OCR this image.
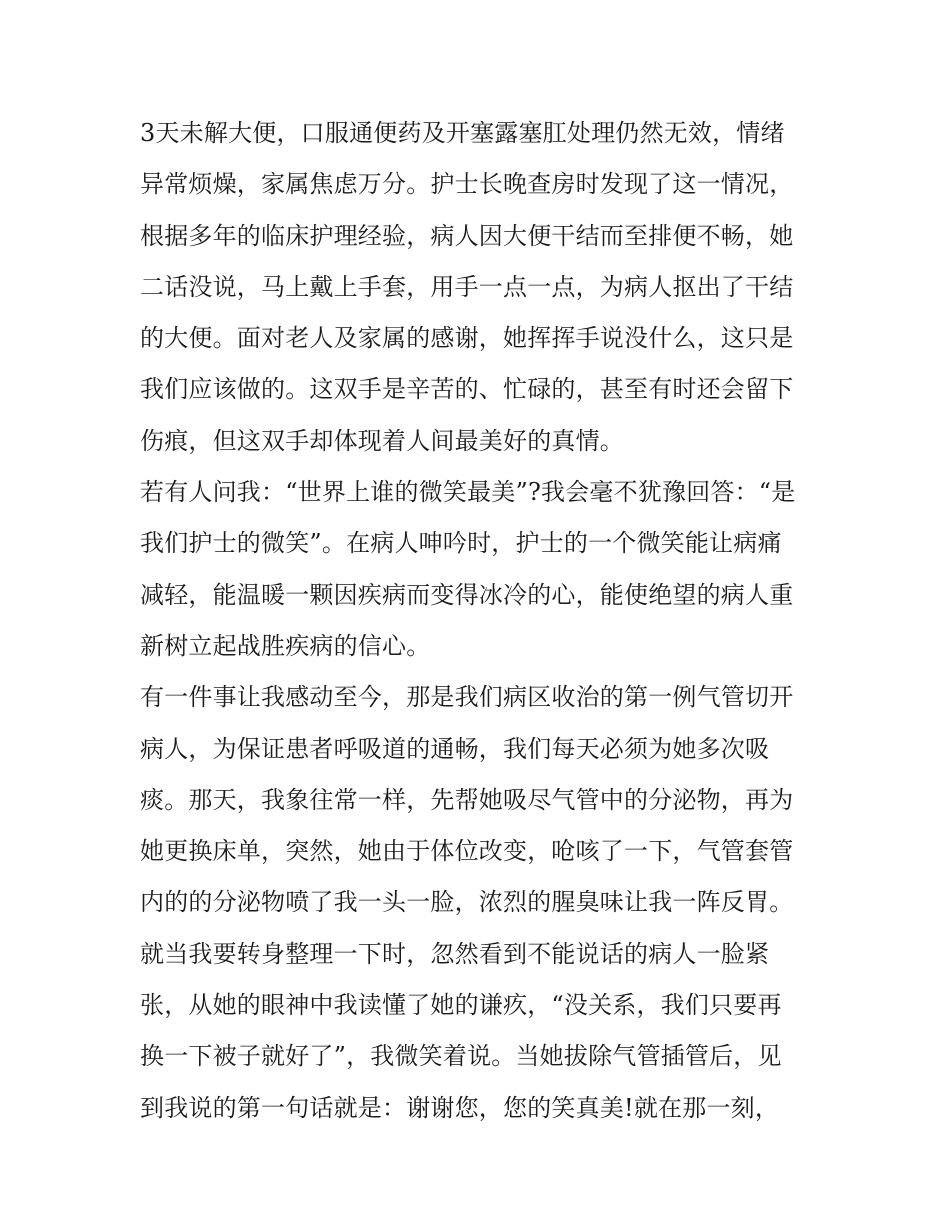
3天未解大便，口服通便药及开塞露塞肛处理仍然无效，情绪
异常烦燥，家属焦虑万分。护士长晚查房时发现了这一情况，
根据多年的临床护理经验，病人因大便干结而至排便不畅，她
二话没说，马上戴上手套，用手一点一点，为病人抠出了干结
的大便。面对老人及家属的感谢，她挥挥手说没什么，这只是
我们应该做的。这双手是辛苦的、忙碌的，甚至有时还会留下
伤痕，但这双手却体现着人间最美好的真情。
若有人问我：“世界上谁的微笑最美”?我会毫不犹豫回答：“是
我们护士的微笑”。在病人呻吟时，护士的一个微笑能让病痛
减轻，能温暖一颗因疾病而变得冰冷的心，能使绝望的病人重
新树立起战胜疾病的信心。
有一件事让我感动至今，那是我们病区收治的第一例气管切开
病人，为保证患者呼吸道的通畅，我们每天必须为她多次吸
痰。那天，我象往常一样，先帮她吸尽气管中的分泌物，再为
她更换床单，突然，她由于体位改变，呛咳了一下，气管套管
内的的分泌物喷了我一头一脸，浓烈的腥臭味让我一阵反胃。
就当我要转身整理一下时，忽然看到不能说话的病人一脸紧
张，从她的眼神中我读懂了她的谦疚，“没关系，我们只要再
换一下被子就好了”，我微笑着说。当她拔除气管插管后，见
到我说的第一句话就是：谢谢您，您的笑真美!就在那一刻，
